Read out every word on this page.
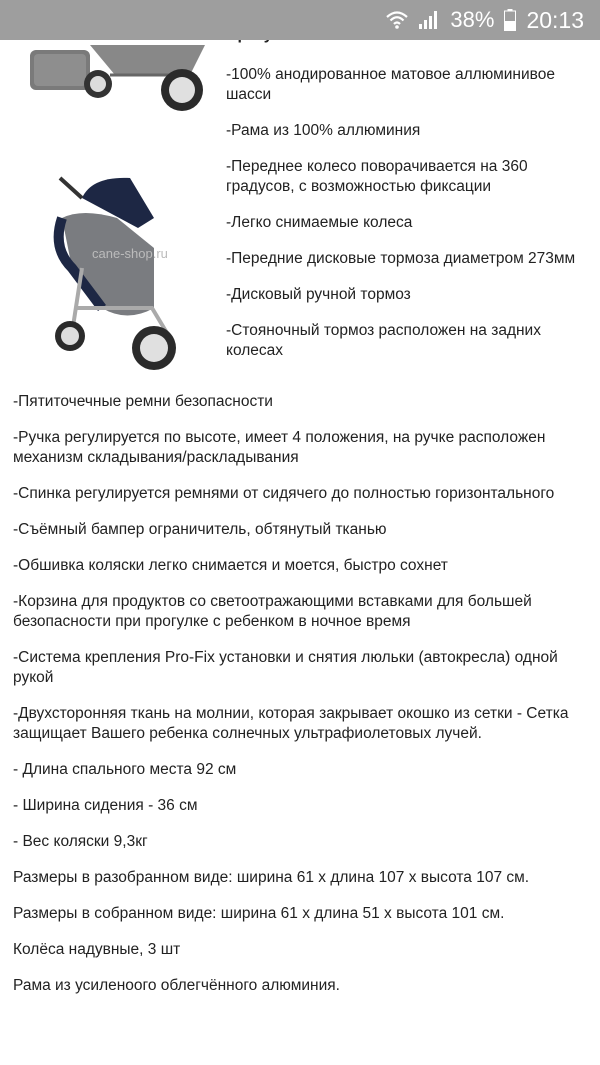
38% 20:13
cane-shop.ru

-100% анодированное матовое аллюминивое шасси

-Рама из 100% аллюминия

-Переднее колесо поворачивается на 360 градусов, с возможностью фиксации

-Легко снимаемые колеса

-Передние дисковые тормоза диаметром 273мм

-Дисковый ручной тормоз

-Стояночный тормоз расположен на задних колесах

-Пятиточечные ремни безопасности

-Ручка регулируется по высоте, имеет 4 положения, на ручке расположен механизм складывания/раскладывания

-Спинка регулируется ремнями от сидячего до полностью горизонтального

-Съёмный бампер ограничитель, обтянутый тканью

-Обшивка коляски легко снимается и моется, быстро сохнет

-Корзина для продуктов со светоотражающими вставками для большей безопасности при прогулке с ребенком в ночное время

-Система крепления Pro-Fix установки и снятия люльки (автокресла) одной рукой

-Двухсторонняя ткань на молнии, которая закрывает окошко из сетки - Сетка защищает Вашего ребенка солнечных ультрафиолетовых лучей.

- Длина спального места 92 см

- Ширина сидения - 36 см

- Вес коляски 9,3кг

Размеры в разобранном виде: ширина 61 х длина 107 х высота 107 см.

Размеры в собранном виде: ширина 61 х длина 51 х высота 101 см.

Колёса надувные, 3 шт

Рама из усиленоого облегчённого алюминия.
